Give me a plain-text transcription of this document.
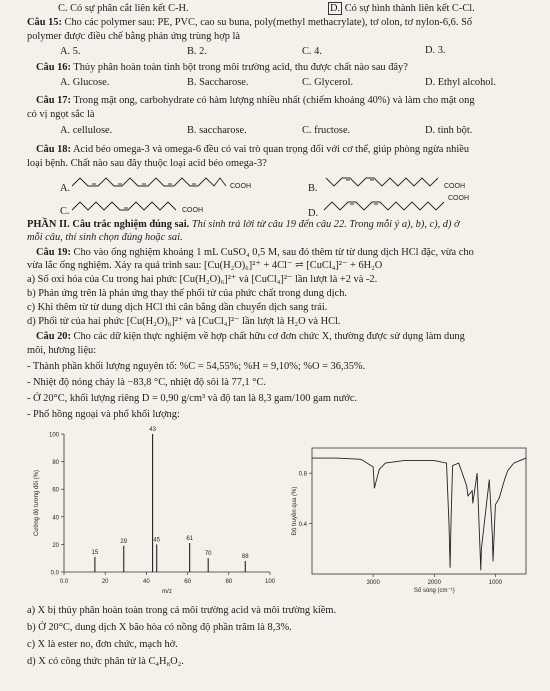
C. Có sự phân cắt liên kết C-H.	D. Có sự hình thành liên kết C-Cl.
Câu 15: Cho các polymer sau: PE, PVC, cao su buna, poly(methyl methacrylate), tơ olon, tơ nylon-6,6. Số
polymer được điều chế bằng phản ứng trùng hợp là
A. 5.	B. 2.	C. 4.	D. 3.
Câu 16: Thủy phân hoàn toàn tinh bột trong môi trường acid, thu được chất nào sau đây?
A. Glucose.	B. Saccharose.	C. Glycerol.	D. Ethyl alcohol.
Câu 17: Trong mật ong, carbohydrate có hàm lượng nhiều nhất (chiếm khoảng 40%) và làm cho mật ong
có vị ngọt sắc là
A. cellulose.	B. saccharose.	C. fructose.	D. tinh bột.
Câu 18: Acid béo omega-3 và omega-6 đều có vai trò quan trọng đối với cơ thể, giúp phòng ngừa nhiều
loại bệnh. Chất nào sau đây thuộc loại acid béo omega-3?
A.	COOH	B.	COOH
C.	COOH	D.
COOH
PHẦN II. Câu trắc nghiệm đúng sai. Thí sinh trả lời từ câu 19 đến câu 22. Trong mỗi ý a), b), c), d) ở
mỗi câu, thí sinh chọn đúng hoặc sai.
Câu 19: Cho vào ống nghiệm khoảng 1 mL CuSO₄ 0,5 M, sau đó thêm từ từ dung dịch HCl đặc, vừa cho
vừa lắc ống nghiệm. Xảy ra quá trình sau: [Cu(H₂O)₆]²⁺ + 4Cl⁻ ⇌ [CuCl₄]²⁻ + 6H₂O
a) Số oxi hóa của Cu trong hai phức [Cu(H₂O)₆]²⁺ và [CuCl₄]²⁻ lần lượt là +2 và -2.
b) Phản ứng trên là phản ứng thay thế phối tử của phức chất trong dung dịch.
c) Khi thêm từ từ dung dịch HCl thì cân bằng dần chuyển dịch sang trái.
d) Phối tử của hai phức [Cu(H₂O)₆]²⁺ và [CuCl₄]²⁻ lần lượt là H₂O và HCl.
Câu 20: Cho các dữ kiện thực nghiệm về hợp chất hữu cơ đơn chức X, thường được sử dụng làm dung
môi, hương liệu:
- Thành phần khối lượng nguyên tố: %C = 54,55%; %H = 9,10%; %O = 36,35%.
- Nhiệt độ nóng chảy là −83,8 °C, nhiệt độ sôi là 77,1 °C.
- Ở 20°C, khối lượng riêng D = 0,90 g/cm³ và độ tan là 8,3 gam/100 gam nước.
- Phổ hồng ngoại và phổ khối lượng:
0.0
20
40
60
80
100
0.0	20	40	60	80	100
m/z
Cường độ tương đối (%)
15
29
43
45	61
70	88
0.4
0.8
3000	2000	1000
Số sóng (cm⁻¹)
Độ truyền qua (%)
a) X bị thủy phân hoàn toàn trong cả môi trường acid và môi trường kiềm.
b) Ở 20°C, dung dịch X bão hòa có nồng độ phần trăm là 8,3%.
c) X là ester no, đơn chức, mạch hở.
d) X có công thức phân tử là C₄H₈O₂.
